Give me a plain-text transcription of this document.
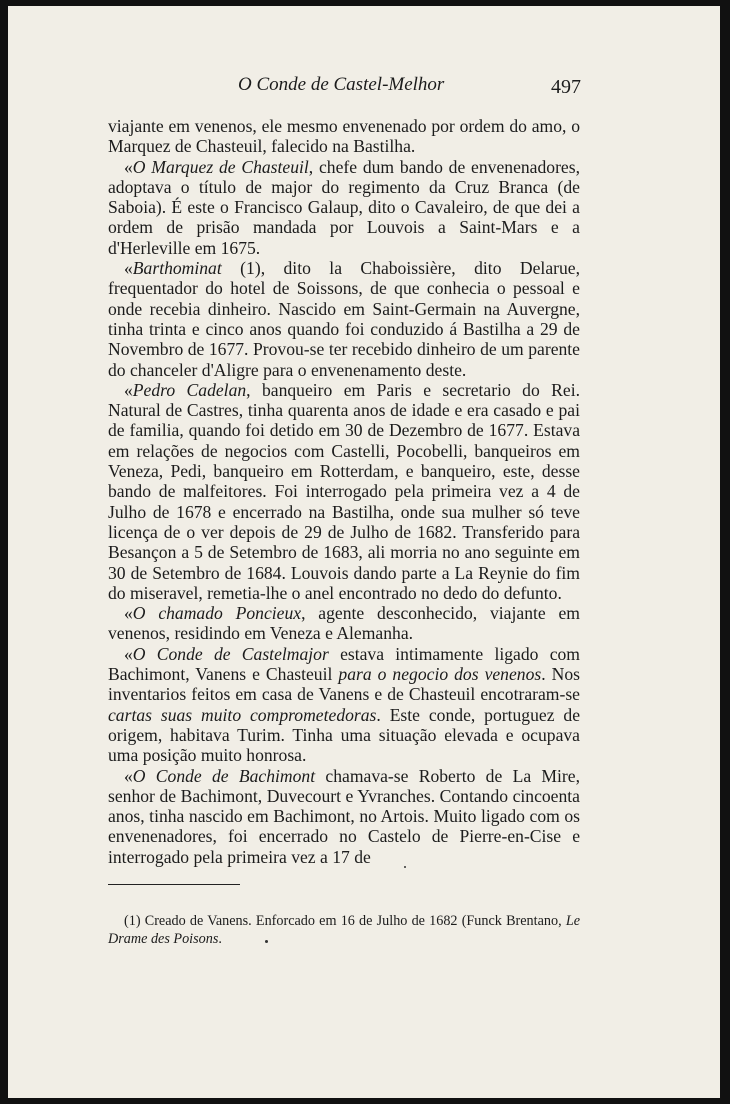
O Conde de Castel-Melhor	497

viajante em venenos, ele mesmo envenenado por ordem do amo, o Marquez de Chasteuil, falecido na Bastilha.

«O Marquez de Chasteuil, chefe dum bando de envenenadores, adoptava o título de major do regimento da Cruz Branca (de Saboia). É este o Francisco Galaup, dito o Cavaleiro, de que dei a ordem de prisão mandada por Louvois a Saint-Mars e a d'Herleville em 1675.

«Barthominat (1), dito la Chaboissière, dito Delarue, frequentador do hotel de Soissons, de que conhecia o pessoal e onde recebia dinheiro. Nascido em Saint-Germain na Auvergne, tinha trinta e cinco anos quando foi conduzido á Bastilha a 29 de Novembro de 1677. Provou-se ter recebido dinheiro de um parente do chanceler d'Aligre para o envenenamento deste.

«Pedro Cadelan, banqueiro em Paris e secretario do Rei. Natural de Castres, tinha quarenta anos de idade e era casado e pai de familia, quando foi detido em 30 de Dezembro de 1677. Estava em relações de negocios com Castelli, Pocobelli, banqueiros em Veneza, Pedi, banqueiro em Rotterdam, e banqueiro, este, desse bando de malfeitores. Foi interrogado pela primeira vez a 4 de Julho de 1678 e encerrado na Bastilha, onde sua mulher só teve licença de o ver depois de 29 de Julho de 1682. Transferido para Besançon a 5 de Setembro de 1683, ali morria no ano seguinte em 30 de Setembro de 1684. Louvois dando parte a La Reynie do fim do miseravel, remetia-lhe o anel encontrado no dedo do defunto.

«O chamado Poncieux, agente desconhecido, viajante em venenos, residindo em Veneza e Alemanha.

«O Conde de Castelmajor estava intimamente ligado com Bachimont, Vanens e Chasteuil para o negocio dos venenos. Nos inventarios feitos em casa de Vanens e de Chasteuil encotraram-se cartas suas muito comprometedoras. Este conde, portuguez de origem, habitava Turim. Tinha uma situação elevada e ocupava uma posição muito honrosa.

«O Conde de Bachimont chamava-se Roberto de La Mire, senhor de Bachimont, Duvecourt e Yvranches. Contando cincoenta anos, tinha nascido em Bachimont, no Artois. Muito ligado com os envenenadores, foi encerrado no Castelo de Pierre-en-Cise e interrogado pela primeira vez a 17 de

(1) Creado de Vanens. Enforcado em 16 de Julho de 1682 (Funck Brentano, Le Drame des Poisons.
